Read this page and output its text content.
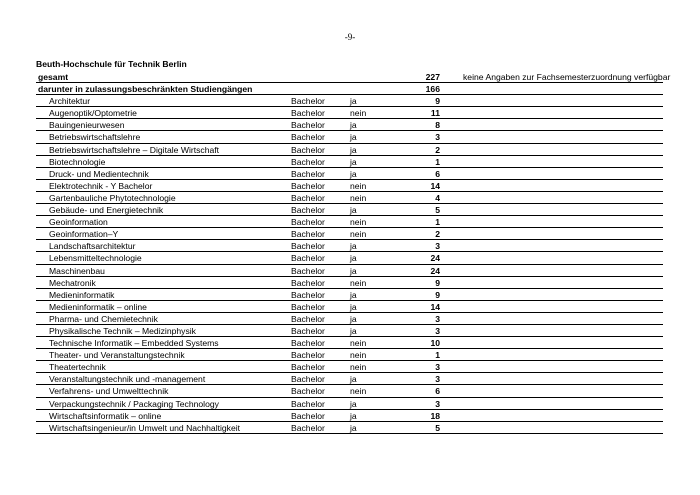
-9-
Beuth-Hochschule für Technik Berlin
gesamt	227	keine Angaben zur Fachsemesterzuordnung verfügbar
darunter in zulassungsbeschränkten Studiengängen	166
Architektur	Bachelor	ja	9
Augenoptik/Optometrie	Bachelor	nein	11
Bauingenieurwesen	Bachelor	ja	8
Betriebswirtschaftslehre	Bachelor	ja	3
Betriebswirtschaftslehre – Digitale Wirtschaft	Bachelor	ja	2
Biotechnologie	Bachelor	ja	1
Druck- und Medientechnik	Bachelor	ja	6
Elektrotechnik - Y Bachelor	Bachelor	nein	14
Gartenbauliche Phytotechnologie	Bachelor	nein	4
Gebäude- und Energietechnik	Bachelor	ja	5
Geoinformation	Bachelor	nein	1
Geoinformation–Y	Bachelor	nein	2
Landschaftsarchitektur	Bachelor	ja	3
Lebensmitteltechnologie	Bachelor	ja	24
Maschinenbau	Bachelor	ja	24
Mechatronik	Bachelor	nein	9
Medieninformatik	Bachelor	ja	9
Medieninformatik – online	Bachelor	ja	14
Pharma- und Chemietechnik	Bachelor	ja	3
Physikalische Technik – Medizinphysik	Bachelor	ja	3
Technische Informatik – Embedded Systems	Bachelor	nein	10
Theater- und Veranstaltungstechnik	Bachelor	nein	1
Theatertechnik	Bachelor	nein	3
Veranstaltungstechnik und -management	Bachelor	ja	3
Verfahrens- und Umwelttechnik	Bachelor	nein	6
Verpackungstechnik / Packaging Technology	Bachelor	ja	3
Wirtschaftsinformatik – online	Bachelor	ja	18
Wirtschaftsingenieur/in Umwelt und Nachhaltigkeit	Bachelor	ja	5
